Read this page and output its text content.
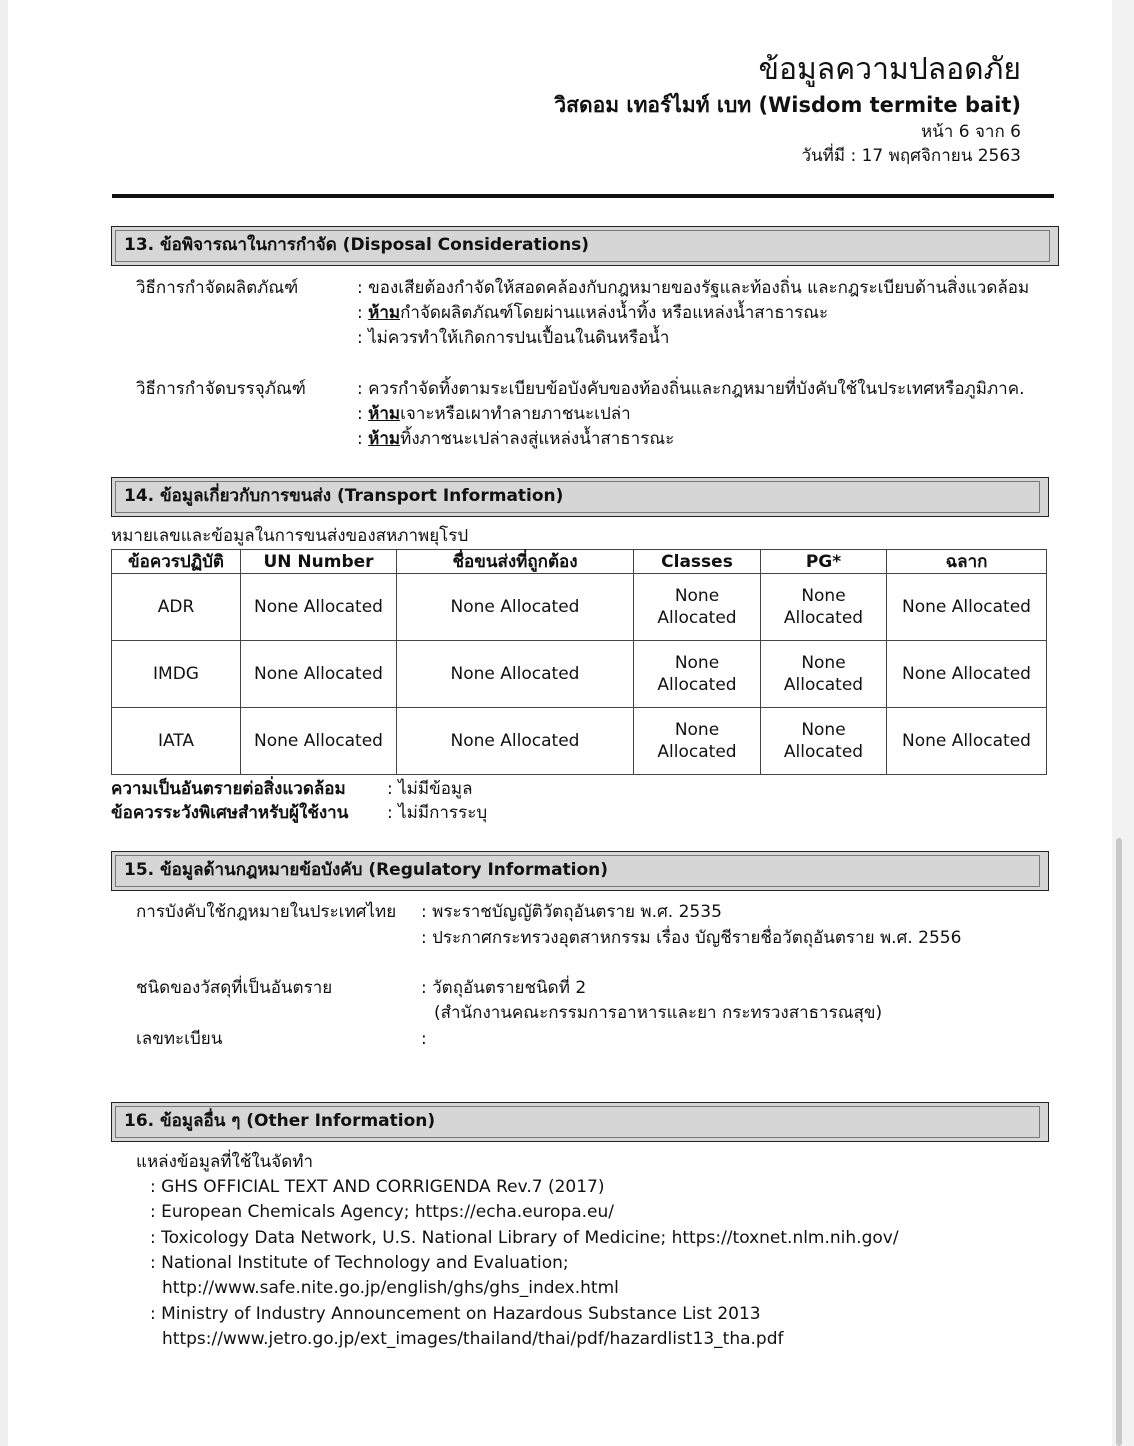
ข้อมูลความปลอดภัย
วิสดอม เทอร์ไมท์ เบท (Wisdom termite bait)
หน้า 6 จาก 6
วันที่มี : 17 พฤศจิกายน 2563
13. ข้อพิจารณาในการกำจัด (Disposal Considerations)
วิธีการกำจัดผลิตภัณฑ์	: ของเสียต้องกำจัดให้สอดคล้องกับกฎหมายของรัฐและท้องถิ่น และกฎระเบียบด้านสิ่งแวดล้อม
: ห้ามกำจัดผลิตภัณฑ์โดยผ่านแหล่งน้ำทิ้ง หรือแหล่งน้ำสาธารณะ
: ไม่ควรทำให้เกิดการปนเปื้อนในดินหรือน้ำ
วิธีการกำจัดบรรจุภัณฑ์	: ควรกำจัดทิ้งตามระเบียบข้อบังคับของท้องถิ่นและกฎหมายที่บังคับใช้ในประเทศหรือภูมิภาค.
: ห้ามเจาะหรือเผาทำลายภาชนะเปล่า
: ห้ามทิ้งภาชนะเปล่าลงสู่แหล่งน้ำสาธารณะ
14. ข้อมูลเกี่ยวกับการขนส่ง (Transport Information)
หมายเลขและข้อมูลในการขนส่งของสหภาพยุโรป
ข้อควรปฏิบัติ	UN Number	ชื่อขนส่งที่ถูกต้อง	Classes	PG*	ฉลาก
ADR	None Allocated	None Allocated	None Allocated	None Allocated	None Allocated
IMDG	None Allocated	None Allocated	None Allocated	None Allocated	None Allocated
IATA	None Allocated	None Allocated	None Allocated	None Allocated	None Allocated
ความเป็นอันตรายต่อสิ่งแวดล้อม : ไม่มีข้อมูล
ข้อควรระวังพิเศษสำหรับผู้ใช้งาน : ไม่มีการระบุ
15. ข้อมูลด้านกฎหมายข้อบังคับ (Regulatory Information)
การบังคับใช้กฎหมายในประเทศไทย : พระราชบัญญัติวัตถุอันตราย พ.ศ. 2535
: ประกาศกระทรวงอุตสาหกรรม เรื่อง บัญชีรายชื่อวัตถุอันตราย พ.ศ. 2556
ชนิดของวัสดุที่เป็นอันตราย	: วัตถุอันตรายชนิดที่ 2
(สำนักงานคณะกรรมการอาหารและยา กระทรวงสาธารณสุข)
เลขทะเบียน	:
16. ข้อมูลอื่น ๆ (Other Information)
แหล่งข้อมูลที่ใช้ในจัดทำ
: GHS OFFICIAL TEXT AND CORRIGENDA Rev.7 (2017)
: European Chemicals Agency; https://echa.europa.eu/
: Toxicology Data Network, U.S. National Library of Medicine; https://toxnet.nlm.nih.gov/
: National Institute of Technology and Evaluation;
http://www.safe.nite.go.jp/english/ghs/ghs_index.html
: Ministry of Industry Announcement on Hazardous Substance List 2013
https://www.jetro.go.jp/ext_images/thailand/thai/pdf/hazardlist13_tha.pdf
